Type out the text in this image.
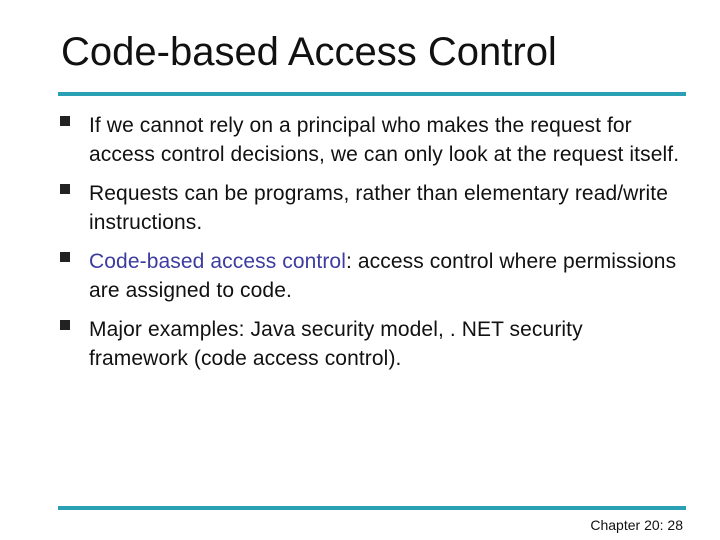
Code-based Access Control
If we cannot rely on a principal who makes the request for access control decisions, we can only look at the request itself.
Requests can be programs, rather than elementary read/write instructions.
Code-based access control: access control where permissions are assigned to code.
Major examples: Java security model, . NET security framework (code access control).
Chapter 20: 28
